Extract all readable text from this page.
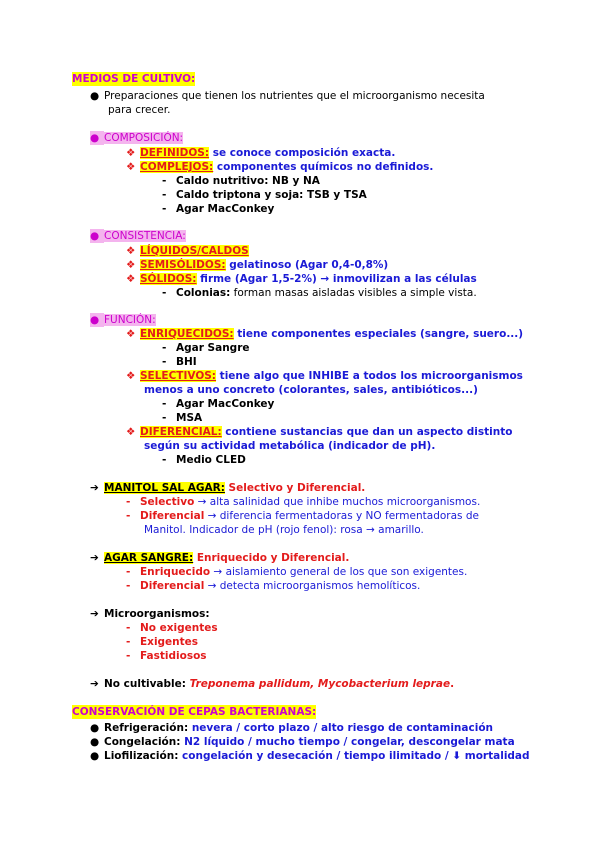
MEDIOS DE CULTIVO:
● Preparaciones que tienen los nutrientes que el microorganismo necesita
para crecer.
● COMPOSICIÓN:
❖ DEFINIDOS: se conoce composición exacta.
❖ COMPLEJOS: componentes químicos no definidos.
- Caldo nutritivo: NB y NA
- Caldo triptona y soja: TSB y TSA
- Agar MacConkey
● CONSISTENCIA:
❖ LÍQUIDOS/CALDOS
❖ SEMISÓLIDOS: gelatinoso (Agar 0,4-0,8%)
❖ SÓLIDOS: firme (Agar 1,5-2%) → inmovilizan a las células
- Colonias: forman masas aisladas visibles a simple vista.
● FUNCIÓN:
❖ ENRIQUECIDOS: tiene componentes especiales (sangre, suero...)
- Agar Sangre
- BHI
❖ SELECTIVOS: tiene algo que INHIBE a todos los microorganismos
menos a uno concreto (colorantes, sales, antibióticos...)
- Agar MacConkey
- MSA
❖ DIFERENCIAL: contiene sustancias que dan un aspecto distinto
según su actividad metabólica (indicador de pH).
- Medio CLED
➔ MANITOL SAL AGAR: Selectivo y Diferencial.
- Selectivo → alta salinidad que inhibe muchos microorganismos.
- Diferencial → diferencia fermentadoras y NO fermentadoras de
Manitol. Indicador de pH (rojo fenol): rosa → amarillo.
➔ AGAR SANGRE: Enriquecido y Diferencial.
- Enriquecido → aislamiento general de los que son exigentes.
- Diferencial → detecta microorganismos hemolíticos.
➔ Microorganismos:
- No exigentes
- Exigentes
- Fastidiosos
➔ No cultivable: Treponema pallidum, Mycobacterium leprae.
CONSERVACIÓN DE CEPAS BACTERIANAS:
● Refrigeración: nevera / corto plazo / alto riesgo de contaminación
● Congelación: N2 líquido / mucho tiempo / congelar, descongelar mata
● Liofilización: congelación y desecación / tiempo ilimitado / ⬇ mortalidad
